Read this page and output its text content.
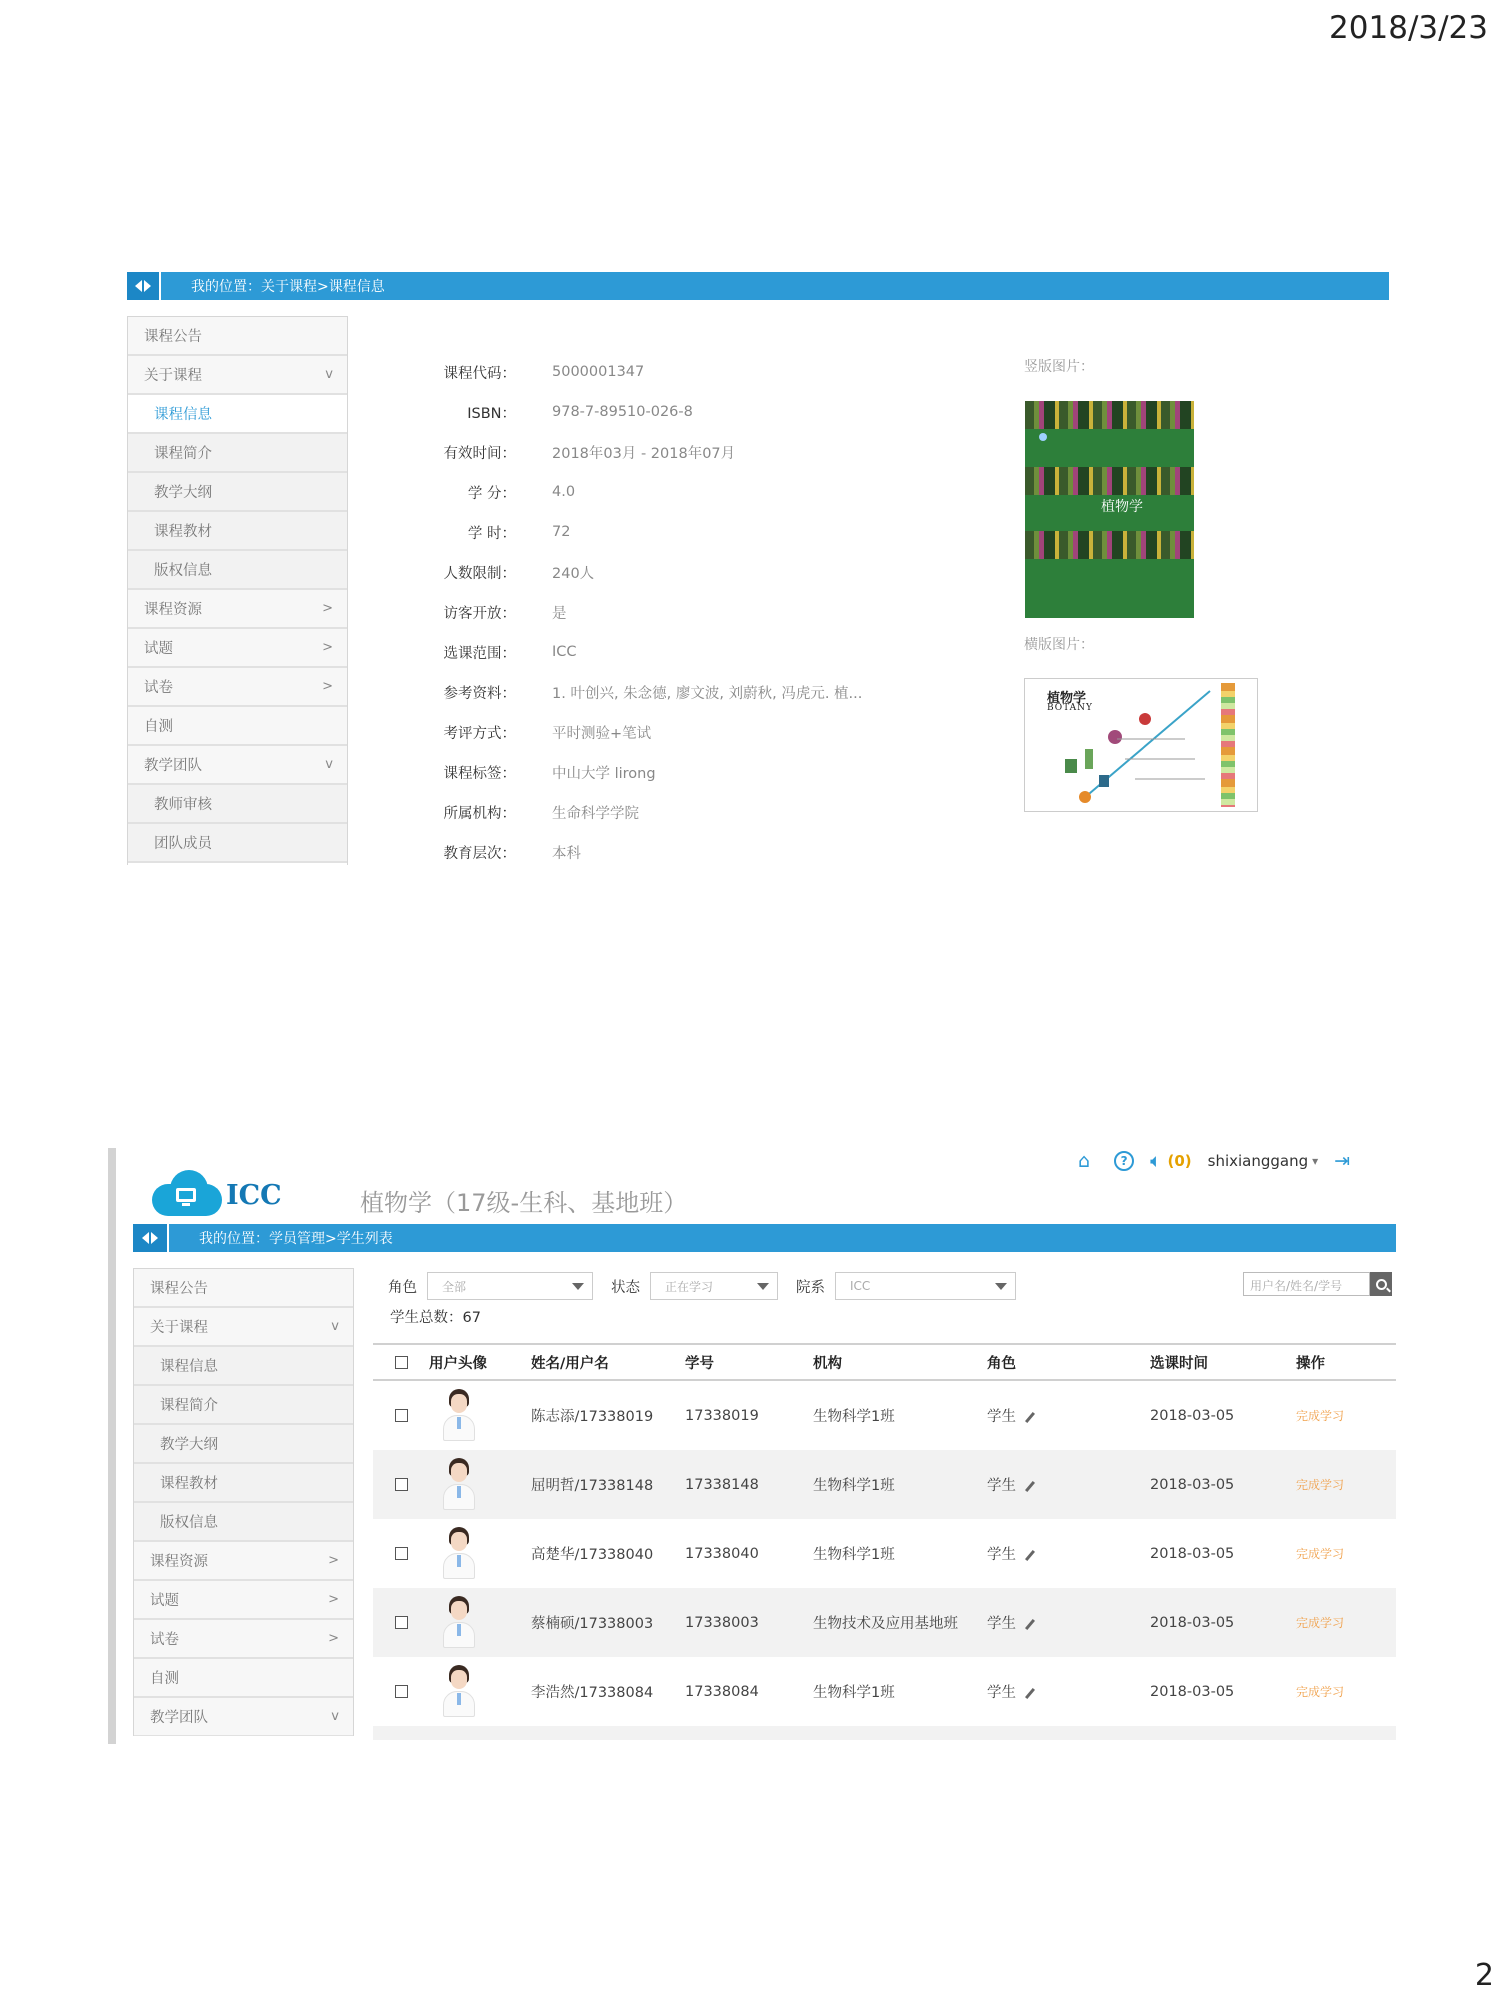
2018/3/23
2
我的位置：关于课程>课程信息
课程公告
关于课程	v
课程信息
课程简介
教学大纲
课程教材
版权信息
课程资源	>
试题	>
试卷	>
自测
教学团队	v
教师审核
团队成员
课程代码： 5000001347
ISBN： 978-7-89510-026-8
有效时间： 2018年03月 - 2018年07月
学 分： 4.0
学 时： 72
人数限制： 240人
访客开放： 是
选课范围： ICC
参考资料： 1. 叶创兴, 朱念德, 廖文波, 刘蔚秋, 冯虎元. 植...
考评方式： 平时测验+笔试
课程标签： 中山大学 lirong
所属机构： 生命科学学院
教育层次： 本科
竖版图片：
植物学
横版图片：
植物学
BOTANY
⌂	?	🔈︎ (0) shixianggang ▾ ⇥
ICC	植物学（17级-生科、基地班）
我的位置：学员管理>学生列表
课程公告
关于课程	v
课程信息
课程简介
教学大纲
课程教材
版权信息
课程资源	>
试题	>
试卷	>
自测
教学团队	v
角色 全部	状态 正在学习	院系 ICC
学生总数：67
用户名/姓名/学号
用户头像	姓名/用户名	学号	机构	角色	选课时间	操作
陈志添/17338019	17338019	生物科学1班	学生	2018-03-05	完成学习
屈明哲/17338148	17338148	生物科学1班	学生	2018-03-05	完成学习
高楚华/17338040	17338040	生物科学1班	学生	2018-03-05	完成学习
蔡楠硕/17338003	17338003	生物技术及应用基地班	学生	2018-03-05	完成学习
李浩然/17338084	17338084	生物科学1班	学生	2018-03-05	完成学习
